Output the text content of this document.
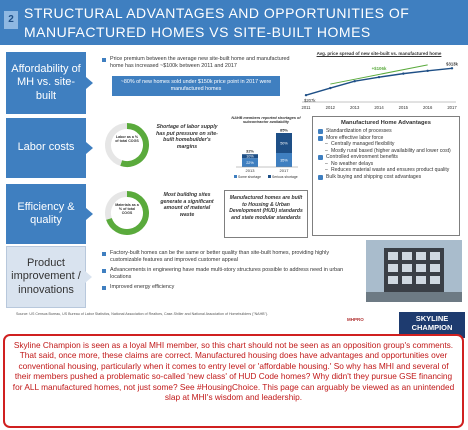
2 STRUCTURAL ADVANTAGES AND OPPORTUNITIES OF
MANUFACTURED HOMES VS SITE-BUILT HOMES
Affordability of MH vs. site-built
Price premium between the average new site-built home and manufactured home has increased ~$100k between 2011 and 2017
~80% of new homes sold under $150k price point in 2017 were manufactured homes
Avg. price spread of new site-built vs. manufactured home
2011	2012	2013	2014	2015	2016	2017
$207k
$313k
+$106k
Labor costs
Labor as a % of total COGS
Shortage of labor supply has put pressure on site-built homebuilder's margins
NAHB members reported shortages of subcontractor availability
22%
10%
32%
2013
35%
50%
85%
2017
Some shortage	Serious shortage
Manufactured Home Advantages
Standardization of processes
More effective labor force
– Centrally managed flexibility
– Mostly rural based (higher availability and lower cost)
Controlled environment benefits
– No weather delays
– Reduces material waste and ensures product quality
Bulk buying and shipping cost advantages
Efficiency & quality
Materials as a % of total COGS
Most building sites generate a significant amount of material waste
Manufactured homes are built to Housing & Urban Development (HUD) standards and state modular standards
Product improvement / innovations
Factory-built homes can be the same or better quality than site-built homes, providing highly customizable features and improved customer appeal
Advancements in engineering have made multi-story structures possible to address need in urban locations
Improved energy efficiency
Source: US Census Bureau, US Bureau of Labor Statistics, National Association of Realtors, Case-Shiller and National Association of Homebuilders ("NAHB").
MHPRO	SKYLINE
CHAMPION
Skyline Champion is seen as a loyal MHI member, so this chart should not be seen as an opposition group's comments. That said, once more, these claims are correct. Manufactured housing does have advantages and opportunities over conventional housing, particularly when it comes to entry level or 'affordable housing.' So why has MHI and several of their members pushed a problematic so-called 'new class' of HUD Code homes? Why didn't they pursue GSE financing for ALL manufactured homes, not just some? See #HousingChoice. This page can arguably be viewed as an unintended slap at MHI's wisdom and leadership.
